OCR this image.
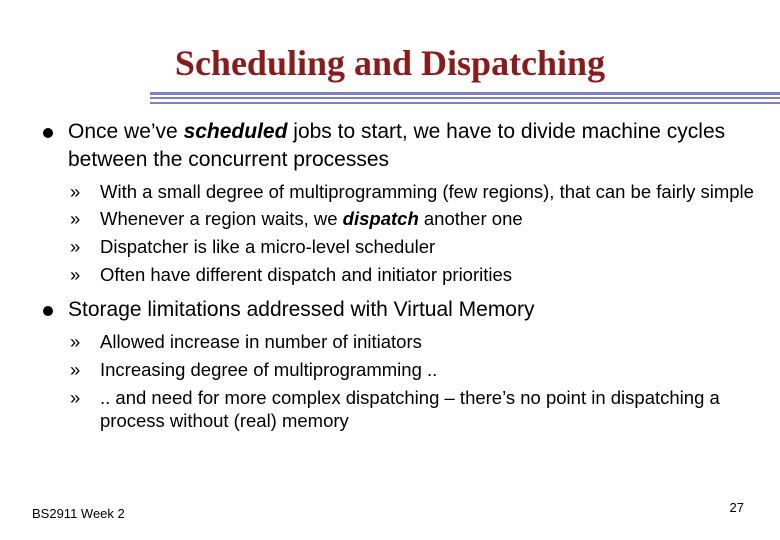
Scheduling and Dispatching
Once we’ve scheduled jobs to start, we have to divide machine cycles between the concurrent processes
» With a small degree of multiprogramming (few regions), that can be fairly simple
» Whenever a region waits, we dispatch another one
» Dispatcher is like a micro-level scheduler
» Often have different dispatch and initiator priorities
Storage limitations addressed with Virtual Memory
» Allowed increase in number of initiators
» Increasing degree of multiprogramming ..
» .. and need for more complex dispatching – there’s no point in dispatching a process without (real) memory
BS2911 Week 2	27
